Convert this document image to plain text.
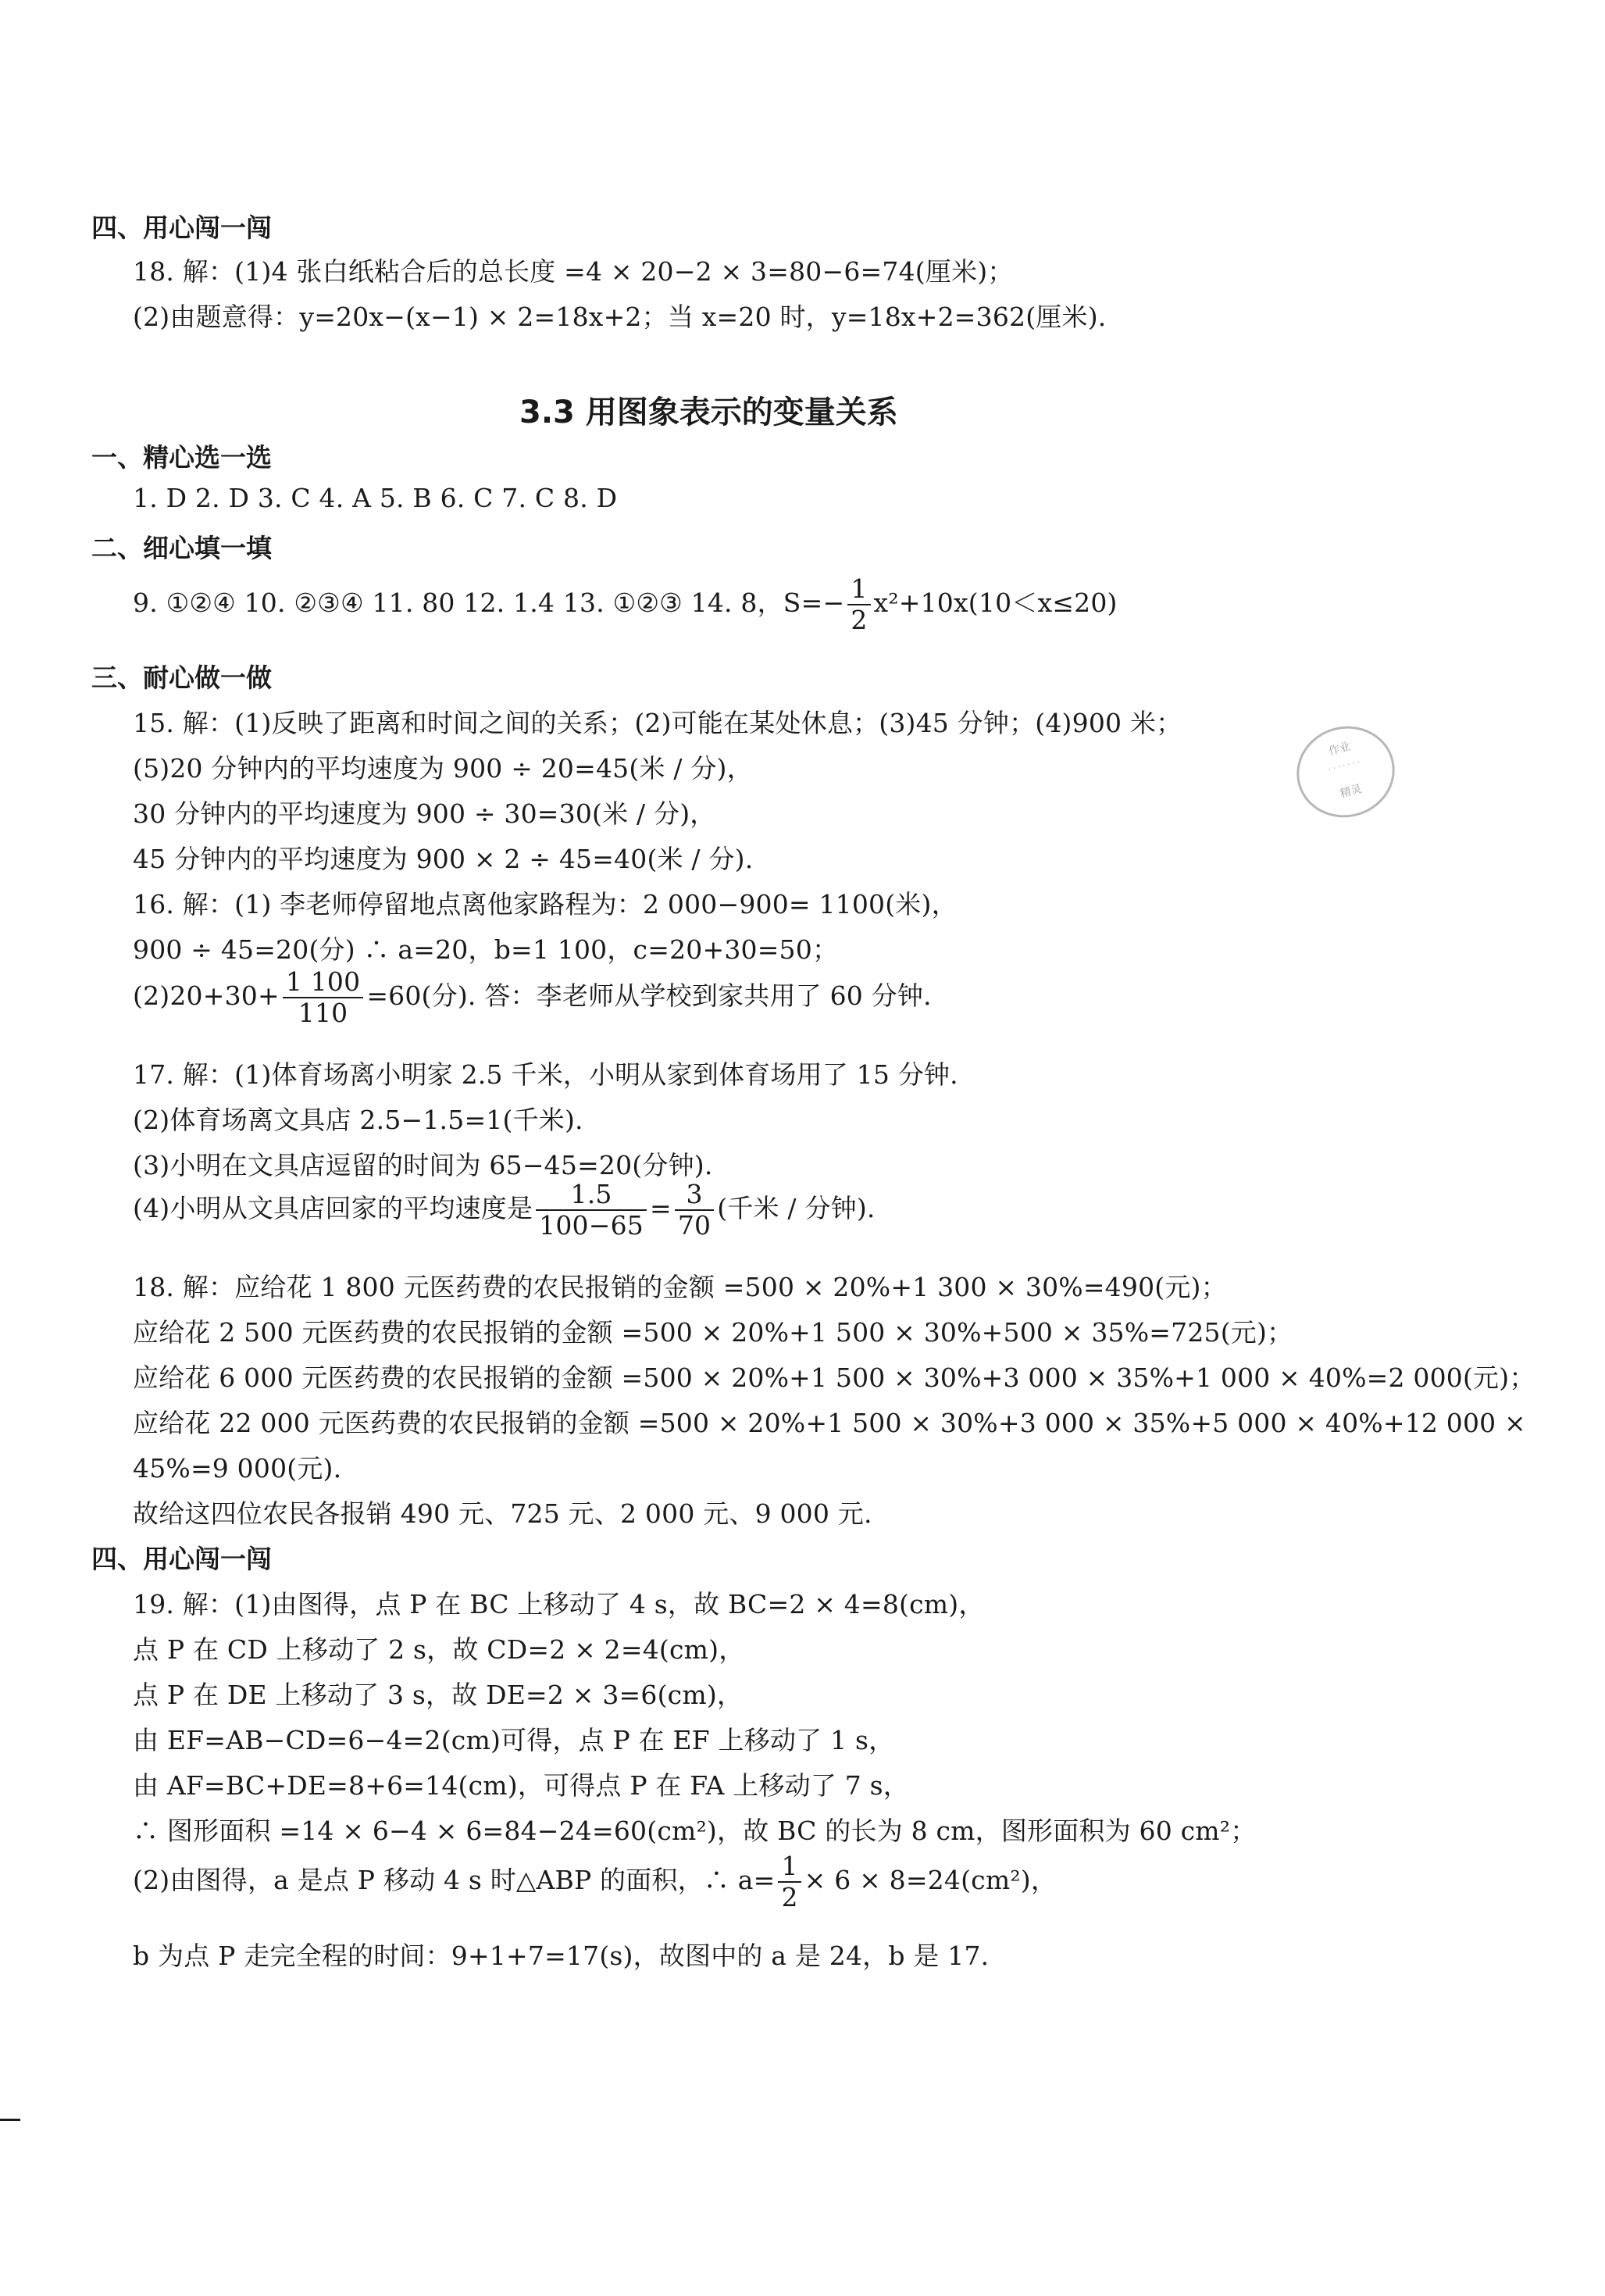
四、用心闯一闯
18. 解：(1)4 张白纸粘合后的总长度 =4 × 20−2 × 3=80−6=74(厘米)；
(2)由题意得：y=20x−(x−1) × 2=18x+2；当 x=20 时，y=18x+2=362(厘米).
3.3 用图象表示的变量关系
一、精心选一选
1. D 2. D 3. C 4. A 5. B 6. C 7. C 8. D
二、细心填一填
9. ①②④ 10. ②③④ 11. 80 12. 1.4 13. ①②③ 14. 8，$S=- \frac{1}{2} x^2+10x(10<x\le 20)$
三、耐心做一做
15. 解：(1)反映了距离和时间之间的关系；(2)可能在某处休息；(3)45 分钟；(4)900 米；
(5)20 分钟内的平均速度为 900 ÷ 20=45(米 / 分)，
30 分钟内的平均速度为 900 ÷ 30=30(米 / 分)，
45 分钟内的平均速度为 900 × 2 ÷ 45=40(米 / 分).
16. 解：(1) 李老师停留地点离他家路程为：2 000−900= 1100(米)，
900 ÷ 45=20(分) ∴ a=20，b=1 100，c=20+30=50；
$(2)20+30+ \frac{1 100}{110} =60$(分). 答：李老师从学校到家共用了 60 分钟.
17. 解：(1)体育场离小明家 2.5 千米，小明从家到体育场用了 15 分钟.
(2)体育场离文具店 2.5−1.5=1(千米).
(3)小明在文具店逗留的时间为 65−45=20(分钟).
(4)小明从文具店回家的平均速度是 $\frac{1.5}{100-65} = \frac{3}{70}$ (千米 / 分钟).
18. 解：应给花 1 800 元医药费的农民报销的金额 =500 × 20%+1 300 × 30%=490(元)；
应给花 2 500 元医药费的农民报销的金额 =500 × 20%+1 500 × 30%+500 × 35%=725(元)；
应给花 6 000 元医药费的农民报销的金额 =500 × 20%+1 500 × 30%+3 000 × 35%+1 000 × 40%=2 000(元)；
应给花 22 000 元医药费的农民报销的金额 =500 × 20%+1 500 × 30%+3 000 × 35%+5 000 × 40%+12 000 ×
45%=9 000(元).
故给这四位农民各报销 490 元、725 元、2 000 元、9 000 元.
四、用心闯一闯
19. 解：(1)由图得，点 P 在 BC 上移动了 4 s，故 BC=2 × 4=8(cm)，
点 P 在 CD 上移动了 2 s，故 CD=2 × 2=4(cm)，
点 P 在 DE 上移动了 3 s，故 DE=2 × 3=6(cm)，
由 EF=AB−CD=6−4=2(cm)可得，点 P 在 EF 上移动了 1 s，
由 AF=BC+DE=8+6=14(cm)，可得点 P 在 FA 上移动了 7 s，
∴ 图形面积 =14 × 6−4 × 6=84−24=60(cm²)，故 BC 的长为 8 cm，图形面积为 60 cm²；
(2)由图得，a 是点 P 移动 4 s 时△ABP 的面积，∴ $a= \frac{1}{2} \times 6 \times 8=24(cm^2)$，
b 为点 P 走完全程的时间：9+1+7=17(s)，故图中的 a 是 24，b 是 17.
作业
· · · · · · ·
精灵
